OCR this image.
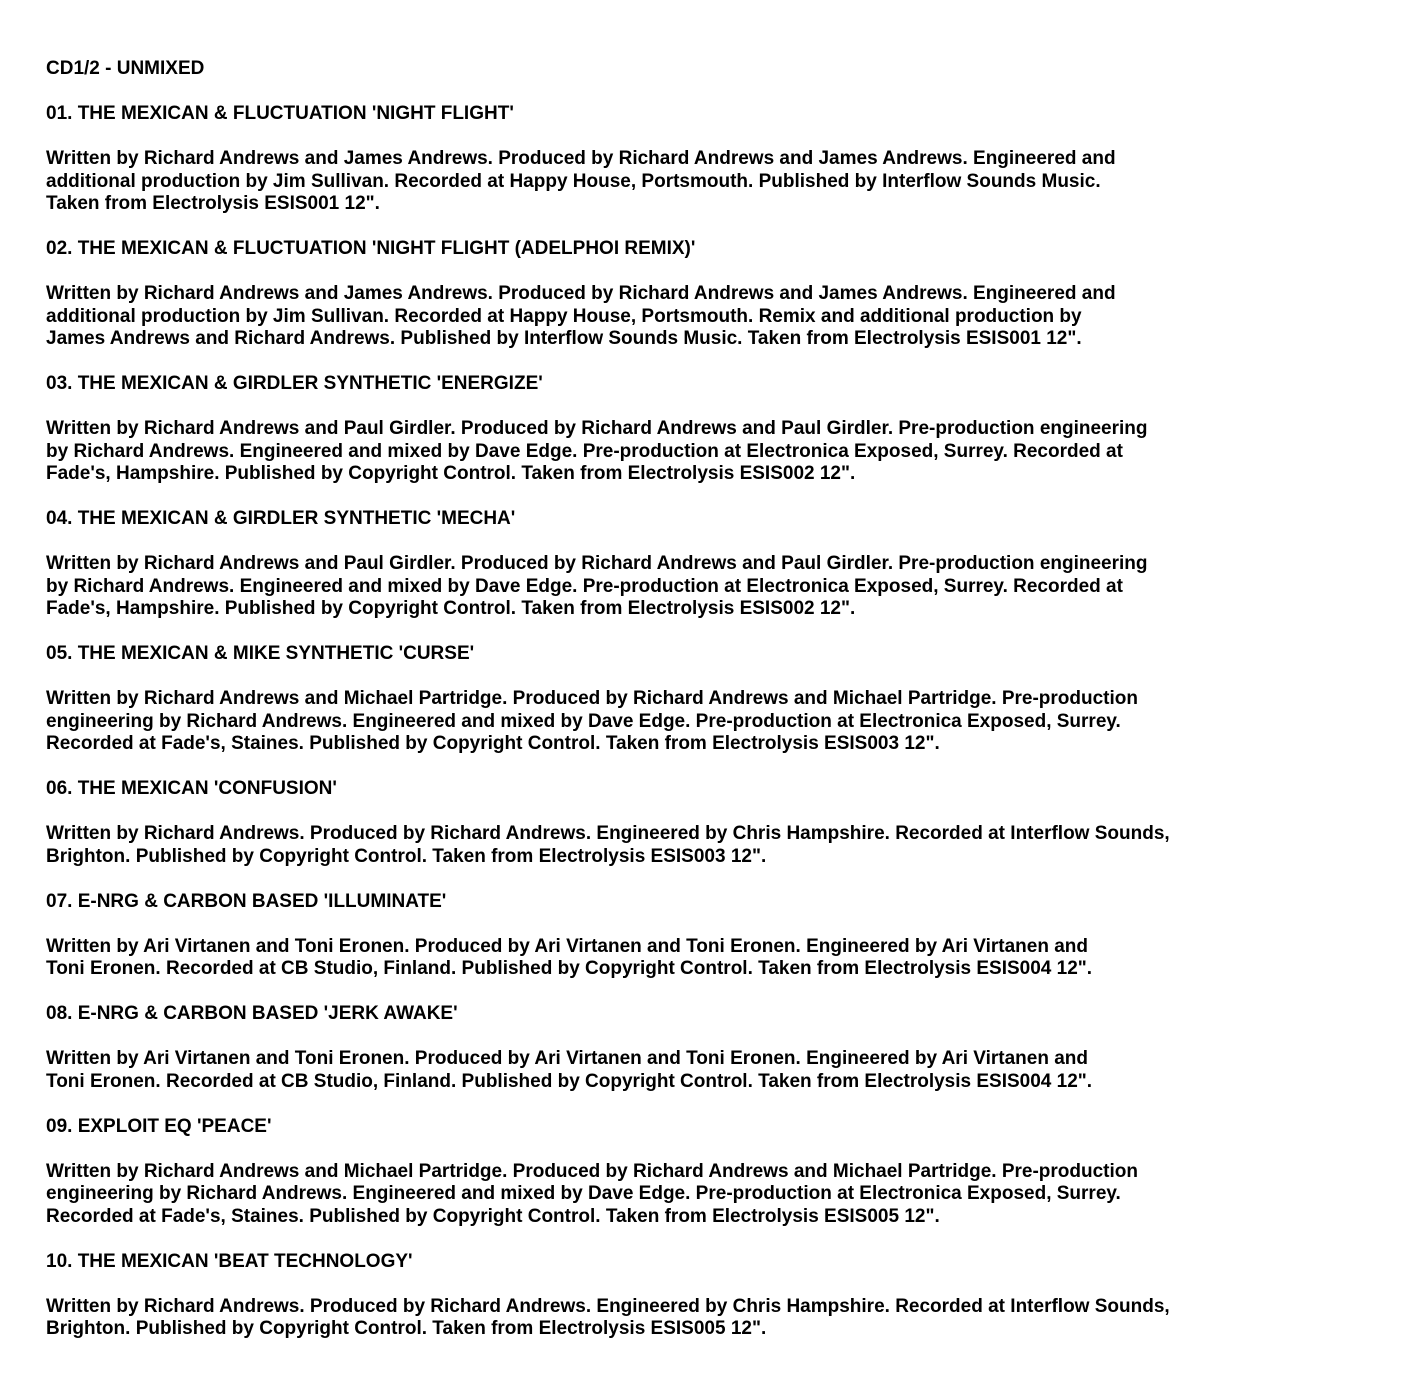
CD1/2 - UNMIXED

01. THE MEXICAN & FLUCTUATION 'NIGHT FLIGHT'

Written by Richard Andrews and James Andrews. Produced by Richard Andrews and James Andrews. Engineered and
additional production by Jim Sullivan. Recorded at Happy House, Portsmouth. Published by Interflow Sounds Music.
Taken from Electrolysis ESIS001 12".

02. THE MEXICAN & FLUCTUATION 'NIGHT FLIGHT (ADELPHOI REMIX)'

Written by Richard Andrews and James Andrews. Produced by Richard Andrews and James Andrews. Engineered and
additional production by Jim Sullivan. Recorded at Happy House, Portsmouth. Remix and additional production by
James Andrews and Richard Andrews. Published by Interflow Sounds Music. Taken from Electrolysis ESIS001 12".

03. THE MEXICAN & GIRDLER SYNTHETIC 'ENERGIZE'

Written by Richard Andrews and Paul Girdler. Produced by Richard Andrews and Paul Girdler. Pre-production engineering
by Richard Andrews. Engineered and mixed by Dave Edge. Pre-production at Electronica Exposed, Surrey. Recorded at
Fade's, Hampshire. Published by Copyright Control. Taken from Electrolysis ESIS002 12".

04. THE MEXICAN & GIRDLER SYNTHETIC 'MECHA'

Written by Richard Andrews and Paul Girdler. Produced by Richard Andrews and Paul Girdler. Pre-production engineering
by Richard Andrews. Engineered and mixed by Dave Edge. Pre-production at Electronica Exposed, Surrey. Recorded at
Fade's, Hampshire. Published by Copyright Control. Taken from Electrolysis ESIS002 12".

05. THE MEXICAN & MIKE SYNTHETIC 'CURSE'

Written by Richard Andrews and Michael Partridge. Produced by Richard Andrews and Michael Partridge. Pre-production
engineering by Richard Andrews. Engineered and mixed by Dave Edge. Pre-production at Electronica Exposed, Surrey.
Recorded at Fade's, Staines. Published by Copyright Control. Taken from Electrolysis ESIS003 12".

06. THE MEXICAN 'CONFUSION'

Written by Richard Andrews. Produced by Richard Andrews. Engineered by Chris Hampshire. Recorded at Interflow Sounds,
Brighton. Published by Copyright Control. Taken from Electrolysis ESIS003 12".

07. E-NRG & CARBON BASED 'ILLUMINATE'

Written by Ari Virtanen and Toni Eronen. Produced by Ari Virtanen and Toni Eronen. Engineered by Ari Virtanen and
Toni Eronen. Recorded at CB Studio, Finland. Published by Copyright Control. Taken from Electrolysis ESIS004 12".

08. E-NRG & CARBON BASED 'JERK AWAKE'

Written by Ari Virtanen and Toni Eronen. Produced by Ari Virtanen and Toni Eronen. Engineered by Ari Virtanen and
Toni Eronen. Recorded at CB Studio, Finland. Published by Copyright Control. Taken from Electrolysis ESIS004 12".

09. EXPLOIT EQ 'PEACE'

Written by Richard Andrews and Michael Partridge. Produced by Richard Andrews and Michael Partridge. Pre-production
engineering by Richard Andrews. Engineered and mixed by Dave Edge. Pre-production at Electronica Exposed, Surrey.
Recorded at Fade's, Staines. Published by Copyright Control. Taken from Electrolysis ESIS005 12".

10. THE MEXICAN 'BEAT TECHNOLOGY'

Written by Richard Andrews. Produced by Richard Andrews. Engineered by Chris Hampshire. Recorded at Interflow Sounds,
Brighton. Published by Copyright Control. Taken from Electrolysis ESIS005 12".
